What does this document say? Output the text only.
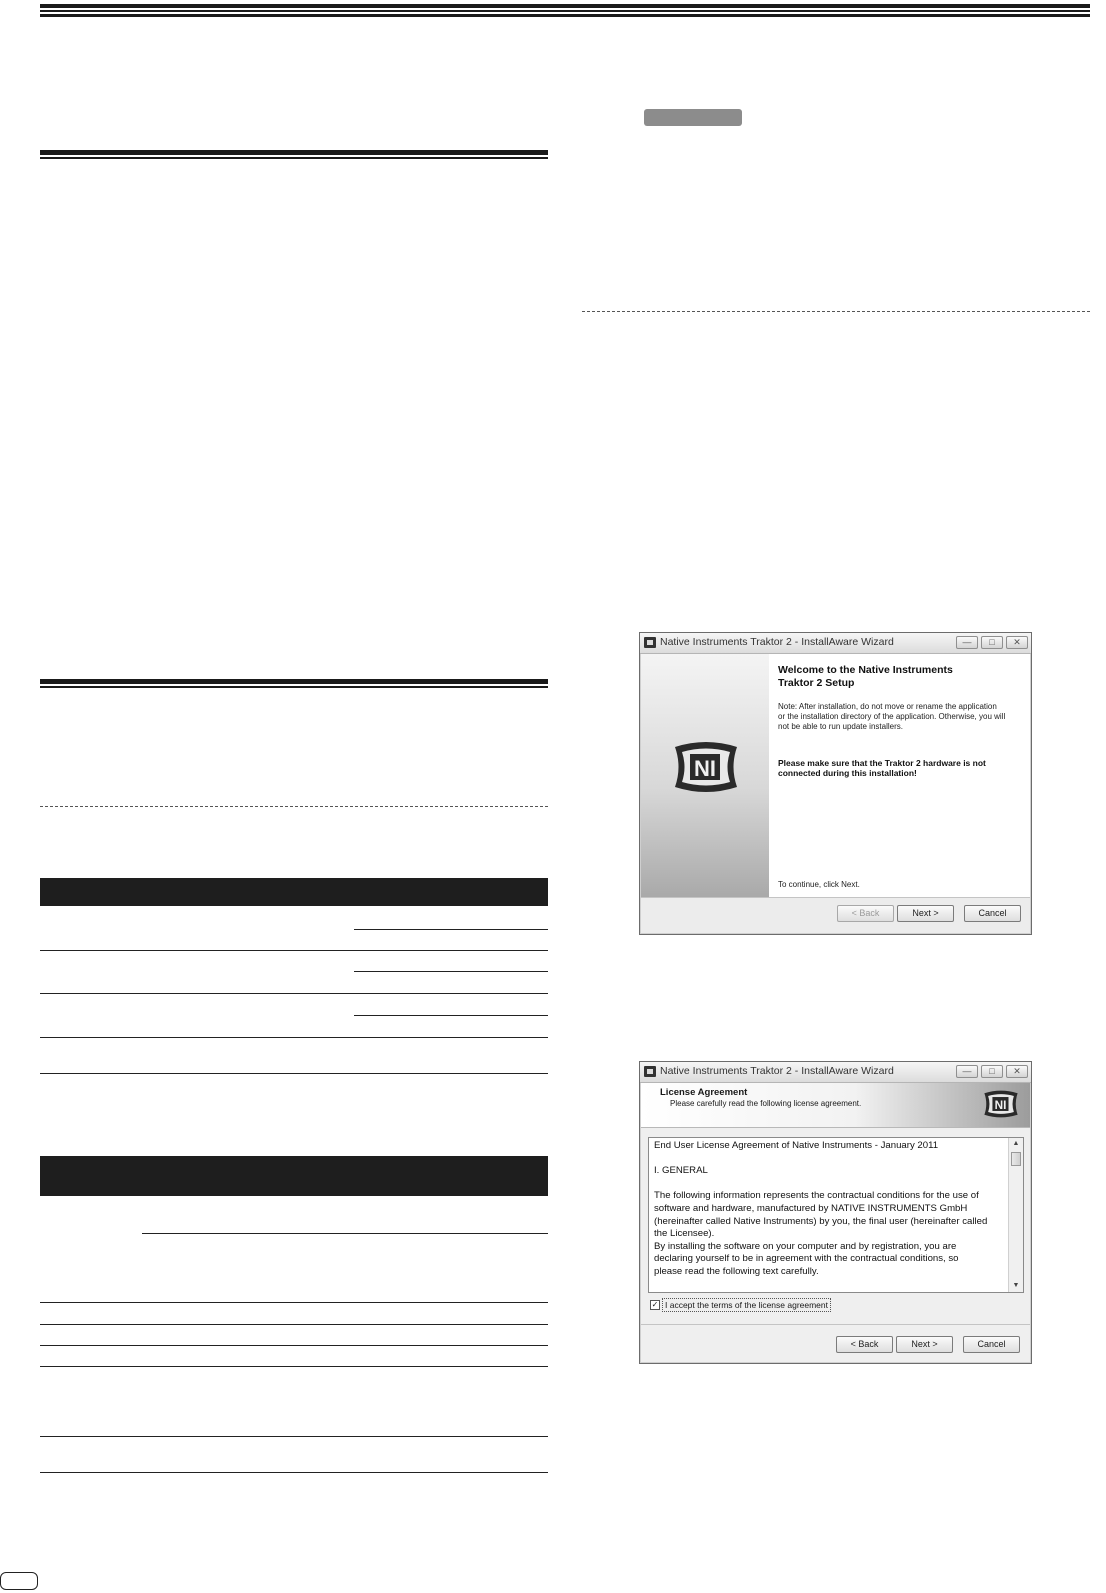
Native Instruments Traktor 2 - InstallAware Wizard	—	□	✕
NI
Welcome to the Native Instruments
Traktor 2 Setup
Note: After installation, do not move or rename the application
or the installation directory of the application. Otherwise, you will
not be able to run update installers.
Please make sure that the Traktor 2 hardware is not
connected during this installation!
To continue, click Next.
< Back	Next >	Cancel
Native Instruments Traktor 2 - InstallAware Wizard	—	□	✕
License Agreement
Please carefully read the following license agreement.	NI

End User License Agreement of Native Instruments - January 2011

I. GENERAL

The following information represents the contractual conditions for the use of

software and hardware, manufactured by NATIVE INSTRUMENTS GmbH

(hereinafter called Native Instruments) by you, the final user (hereinafter called

the Licensee).

By installing the software on your computer and by registration, you are

declaring yourself to be in agreement with the contractual conditions, so

please read the following text carefully.

▲
▼
✓ I accept the terms of the license agreement
< Back	Next >	Cancel
